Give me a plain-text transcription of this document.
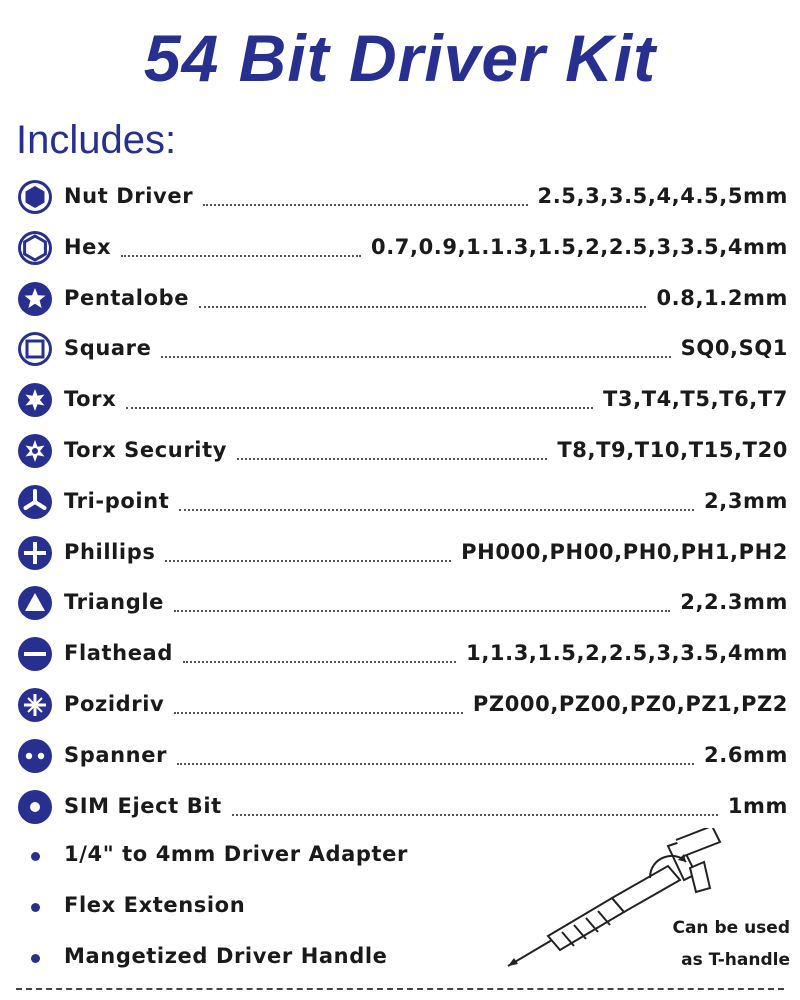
54 Bit Driver Kit
Includes:
Nut Driver	2.5,3,3.5,4,4.5,5mm
Hex	0.7,0.9,1.1.3,1.5,2,2.5,3,3.5,4mm
Pentalobe	0.8,1.2mm
Square	SQ0,SQ1
Torx	T3,T4,T5,T6,T7
Torx Security	T8,T9,T10,T15,T20
Tri-point	2,3mm
Phillips	PH000,PH00,PH0,PH1,PH2
Triangle	2,2.3mm
Flathead	1,1.3,1.5,2,2.5,3,3.5,4mm
Pozidriv	PZ000,PZ00,PZ0,PZ1,PZ2
Spanner	2.6mm
SIM Eject Bit	1mm
1/4" to 4mm Driver Adapter
Flex Extension
Mangetized Driver Handle
Can be used
as T-handle
